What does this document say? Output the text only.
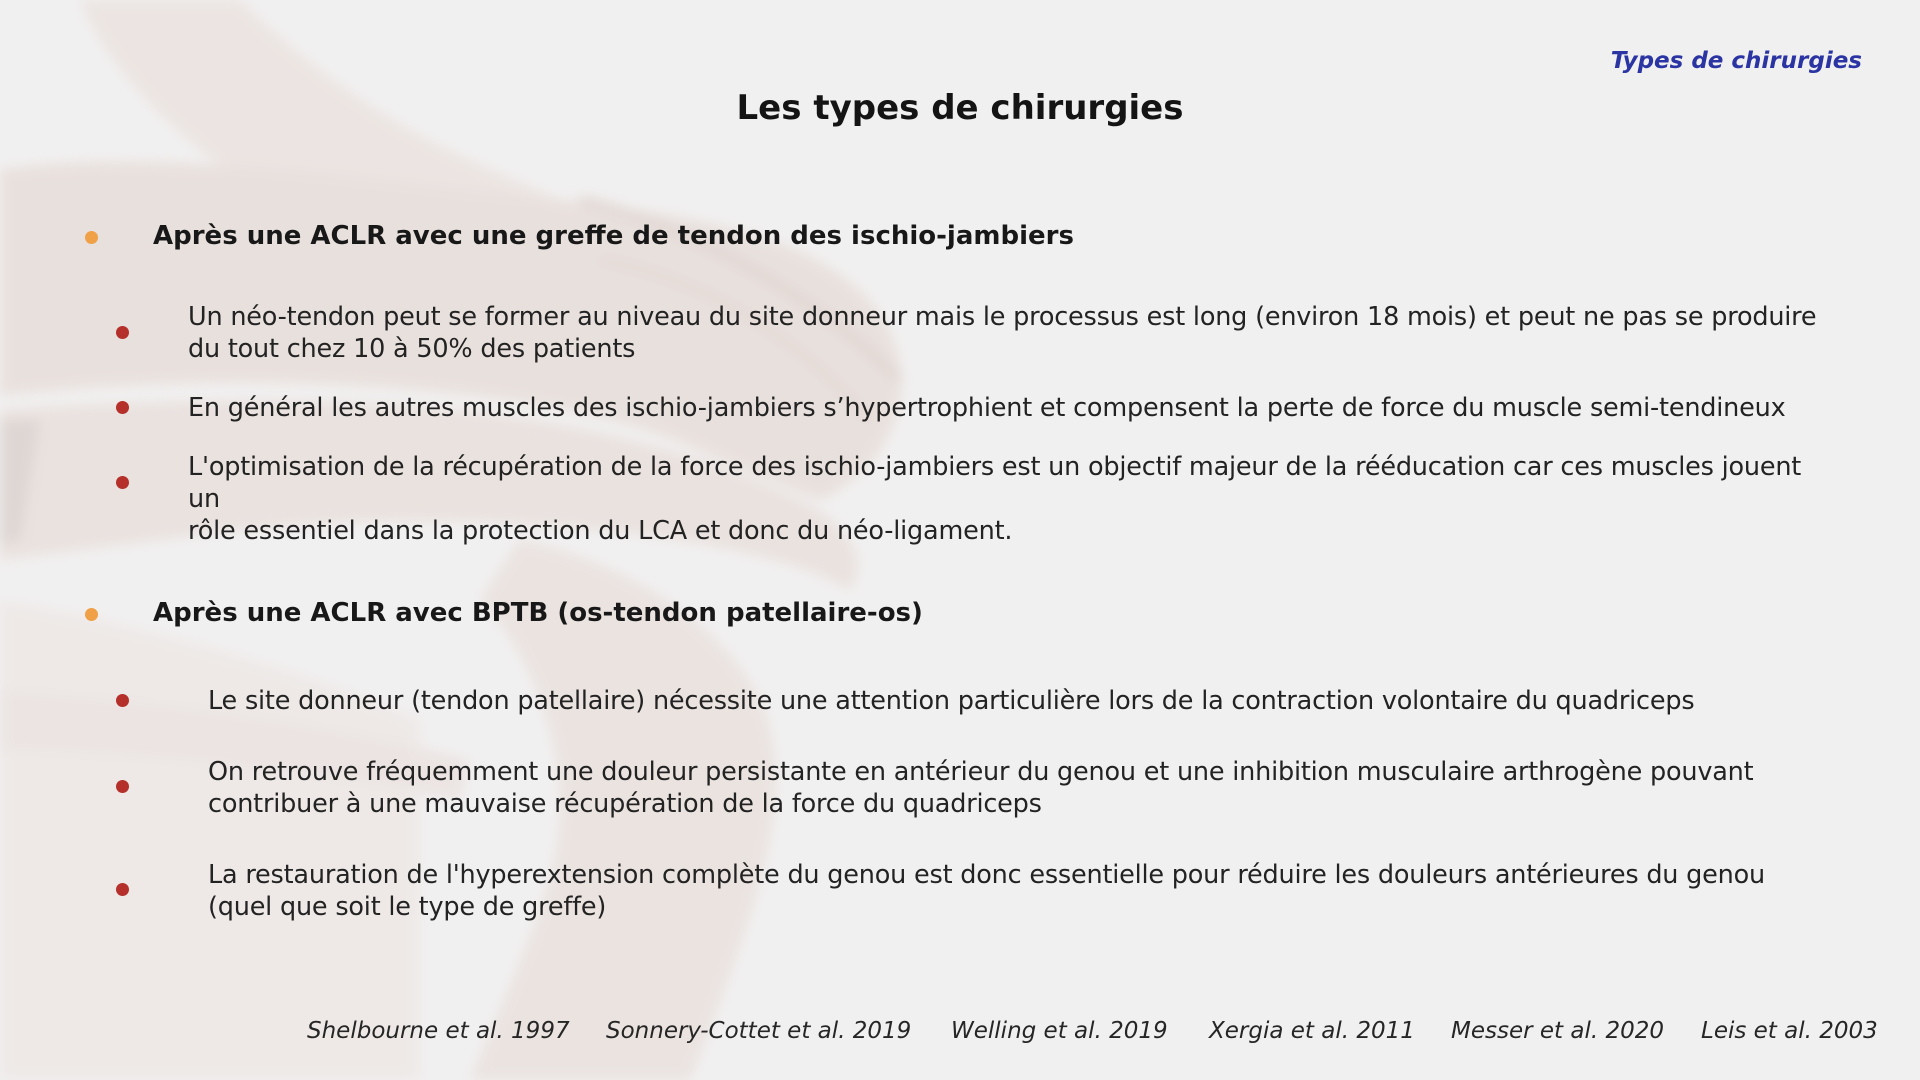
Types de chirurgies
Les types de chirurgies
Après une ACLR avec une greffe de tendon des ischio-jambiers
Un néo-tendon peut se former au niveau du site donneur mais le processus est long (environ 18 mois) et peut ne pas se produire
du tout chez 10 à 50% des patients
En général les autres muscles des ischio-jambiers s’hypertrophient et compensent la perte de force du muscle semi-tendineux
L'optimisation de la récupération de la force des ischio-jambiers est un objectif majeur de la rééducation car ces muscles jouent un
rôle essentiel dans la protection du LCA et donc du néo-ligament.
Après une ACLR avec BPTB (os-tendon patellaire-os)
Le site donneur (tendon patellaire) nécessite une attention particulière lors de la contraction volontaire du quadriceps
On retrouve fréquemment une douleur persistante en antérieur du genou et une inhibition musculaire arthrogène pouvant
contribuer à une mauvaise récupération de la force du quadriceps
La restauration de l'hyperextension complète du genou est donc essentielle pour réduire les douleurs antérieures du genou
(quel que soit le type de greffe)
Shelbourne et al. 1997 Sonnery-Cottet et al. 2019 Welling et al. 2019 Xergia et al. 2011 Messer et al. 2020 Leis et al. 2003
